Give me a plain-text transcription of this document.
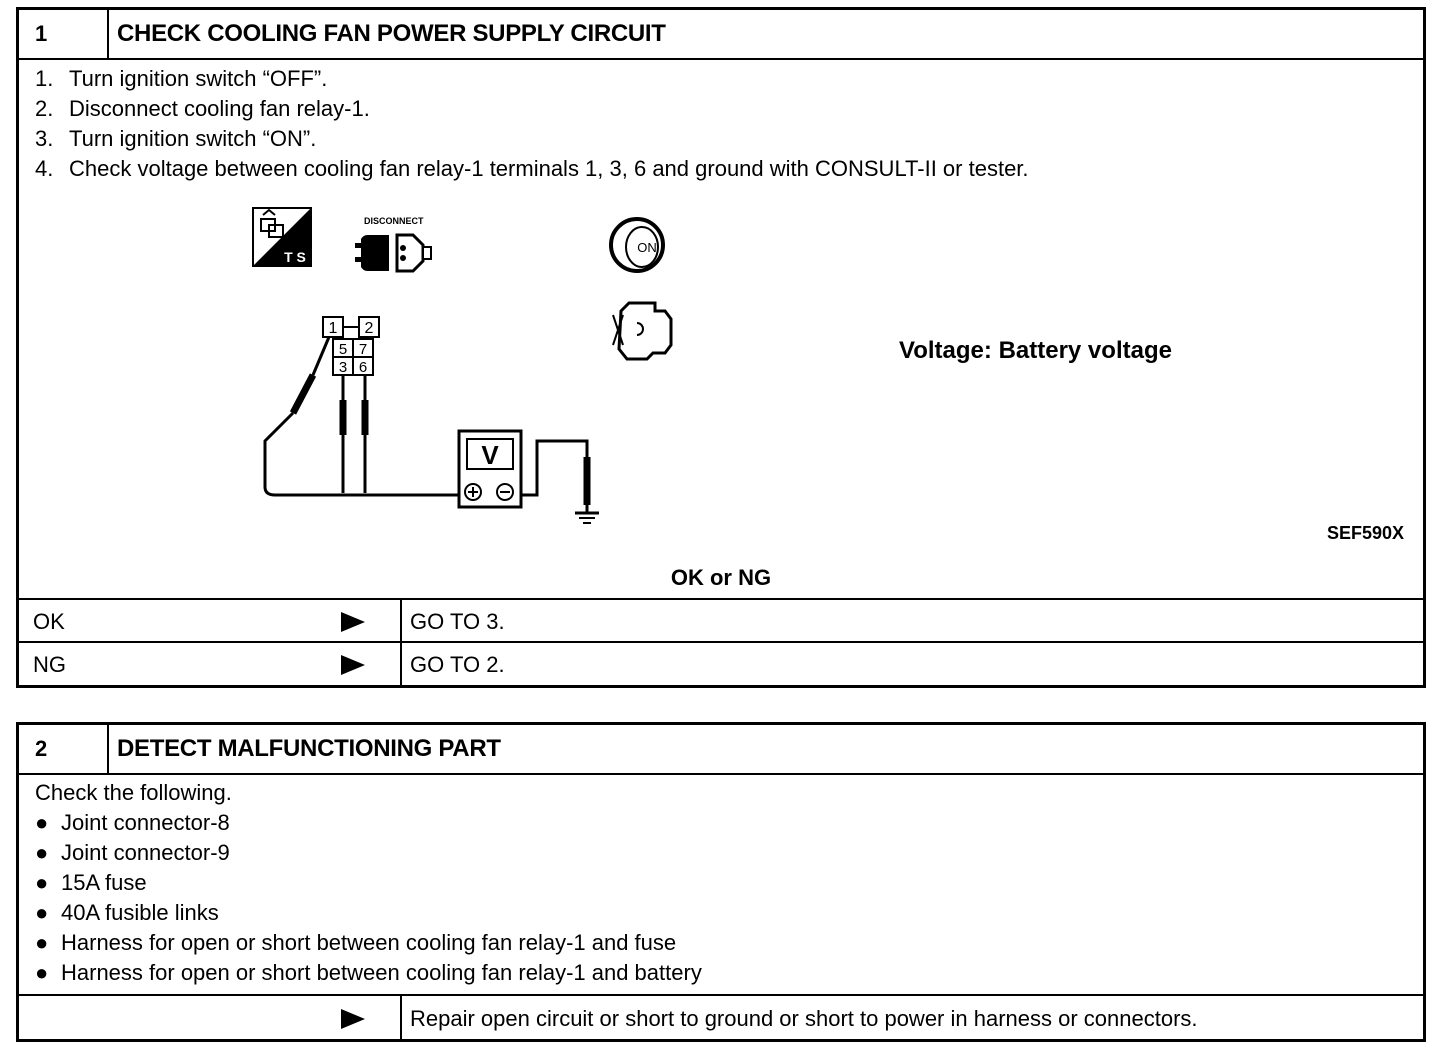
1	CHECK COOLING FAN POWER SUPPLY CIRCUIT
1. Turn ignition switch “OFF”.
2. Disconnect cooling fan relay-1.
3. Turn ignition switch “ON”.
4. Check voltage between cooling fan relay-1 terminals 1, 3, 6 and ground with CONSULT-II or tester.
T S
DISCONNECT
ON
1 2
5 7
3 6
V
Voltage: Battery voltage
SEF590X
OK or NG
OK	GO TO 3.
NG	GO TO 2.
2	DETECT MALFUNCTIONING PART
Check the following.
● Joint connector-8
● Joint connector-9
● 15A fuse
● 40A fusible links
● Harness for open or short between cooling fan relay-1 and fuse
● Harness for open or short between cooling fan relay-1 and battery
Repair open circuit or short to ground or short to power in harness or connectors.
